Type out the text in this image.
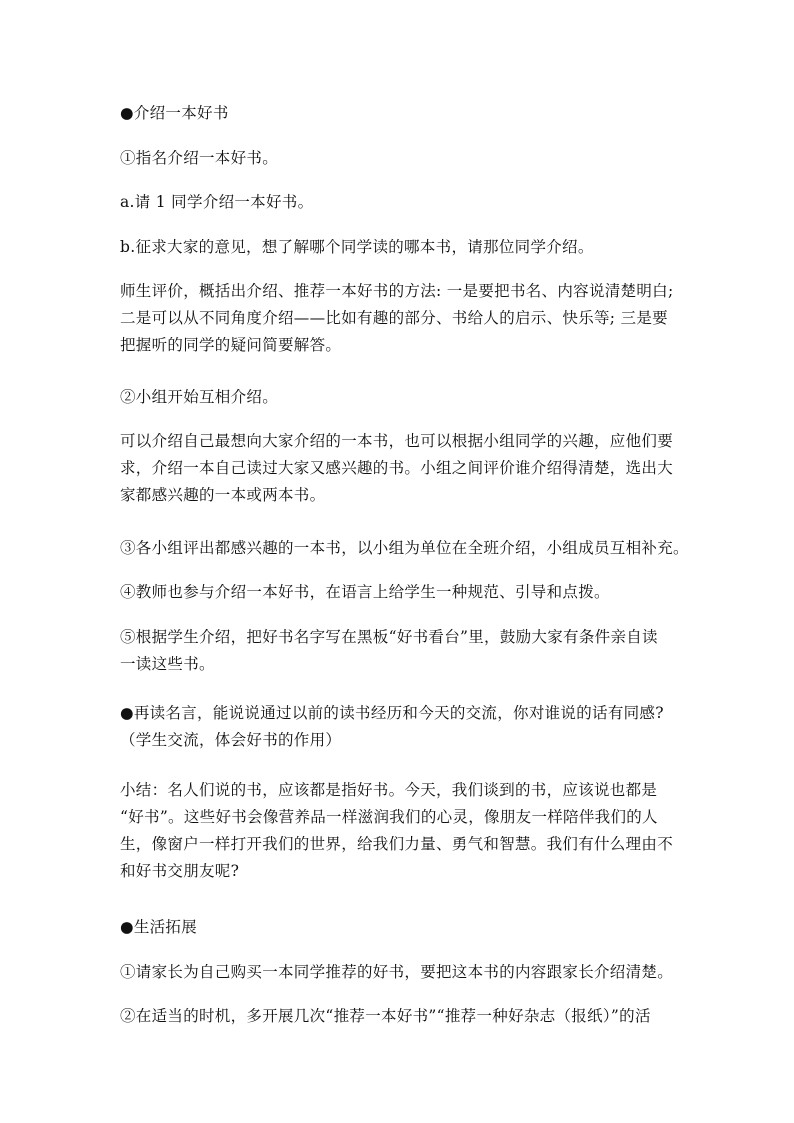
●介绍一本好书
①指名介绍一本好书。
a.请 1 同学介绍一本好书。
b.征求大家的意见，想了解哪个同学读的哪本书，请那位同学介绍。
师生评价，概括出介绍、推荐一本好书的方法: 一是要把书名、内容说清楚明白;
二是可以从不同角度介绍——比如有趣的部分、书给人的启示、快乐等; 三是要
把握听的同学的疑问简要解答。
②小组开始互相介绍。
可以介绍自己最想向大家介绍的一本书，也可以根据小组同学的兴趣，应他们要
求，介绍一本自己读过大家又感兴趣的书。小组之间评价谁介绍得清楚，选出大
家都感兴趣的一本或两本书。
③各小组评出都感兴趣的一本书，以小组为单位在全班介绍，小组成员互相补充。
④教师也参与介绍一本好书，在语言上给学生一种规范、引导和点拨。
⑤根据学生介绍，把好书名字写在黑板“好书看台”里，鼓励大家有条件亲自读
一读这些书。
●再读名言，能说说通过以前的读书经历和今天的交流，你对谁说的话有同感?
（学生交流，体会好书的作用）
小结：名人们说的书，应该都是指好书。今天，我们谈到的书，应该说也都是
“好书”。这些好书会像营养品一样滋润我们的心灵，像朋友一样陪伴我们的人
生，像窗户一样打开我们的世界，给我们力量、勇气和智慧。我们有什么理由不
和好书交朋友呢?
●生活拓展
①请家长为自己购买一本同学推荐的好书，要把这本书的内容跟家长介绍清楚。
②在适当的时机，多开展几次“推荐一本好书”“推荐一种好杂志（报纸）”的活
